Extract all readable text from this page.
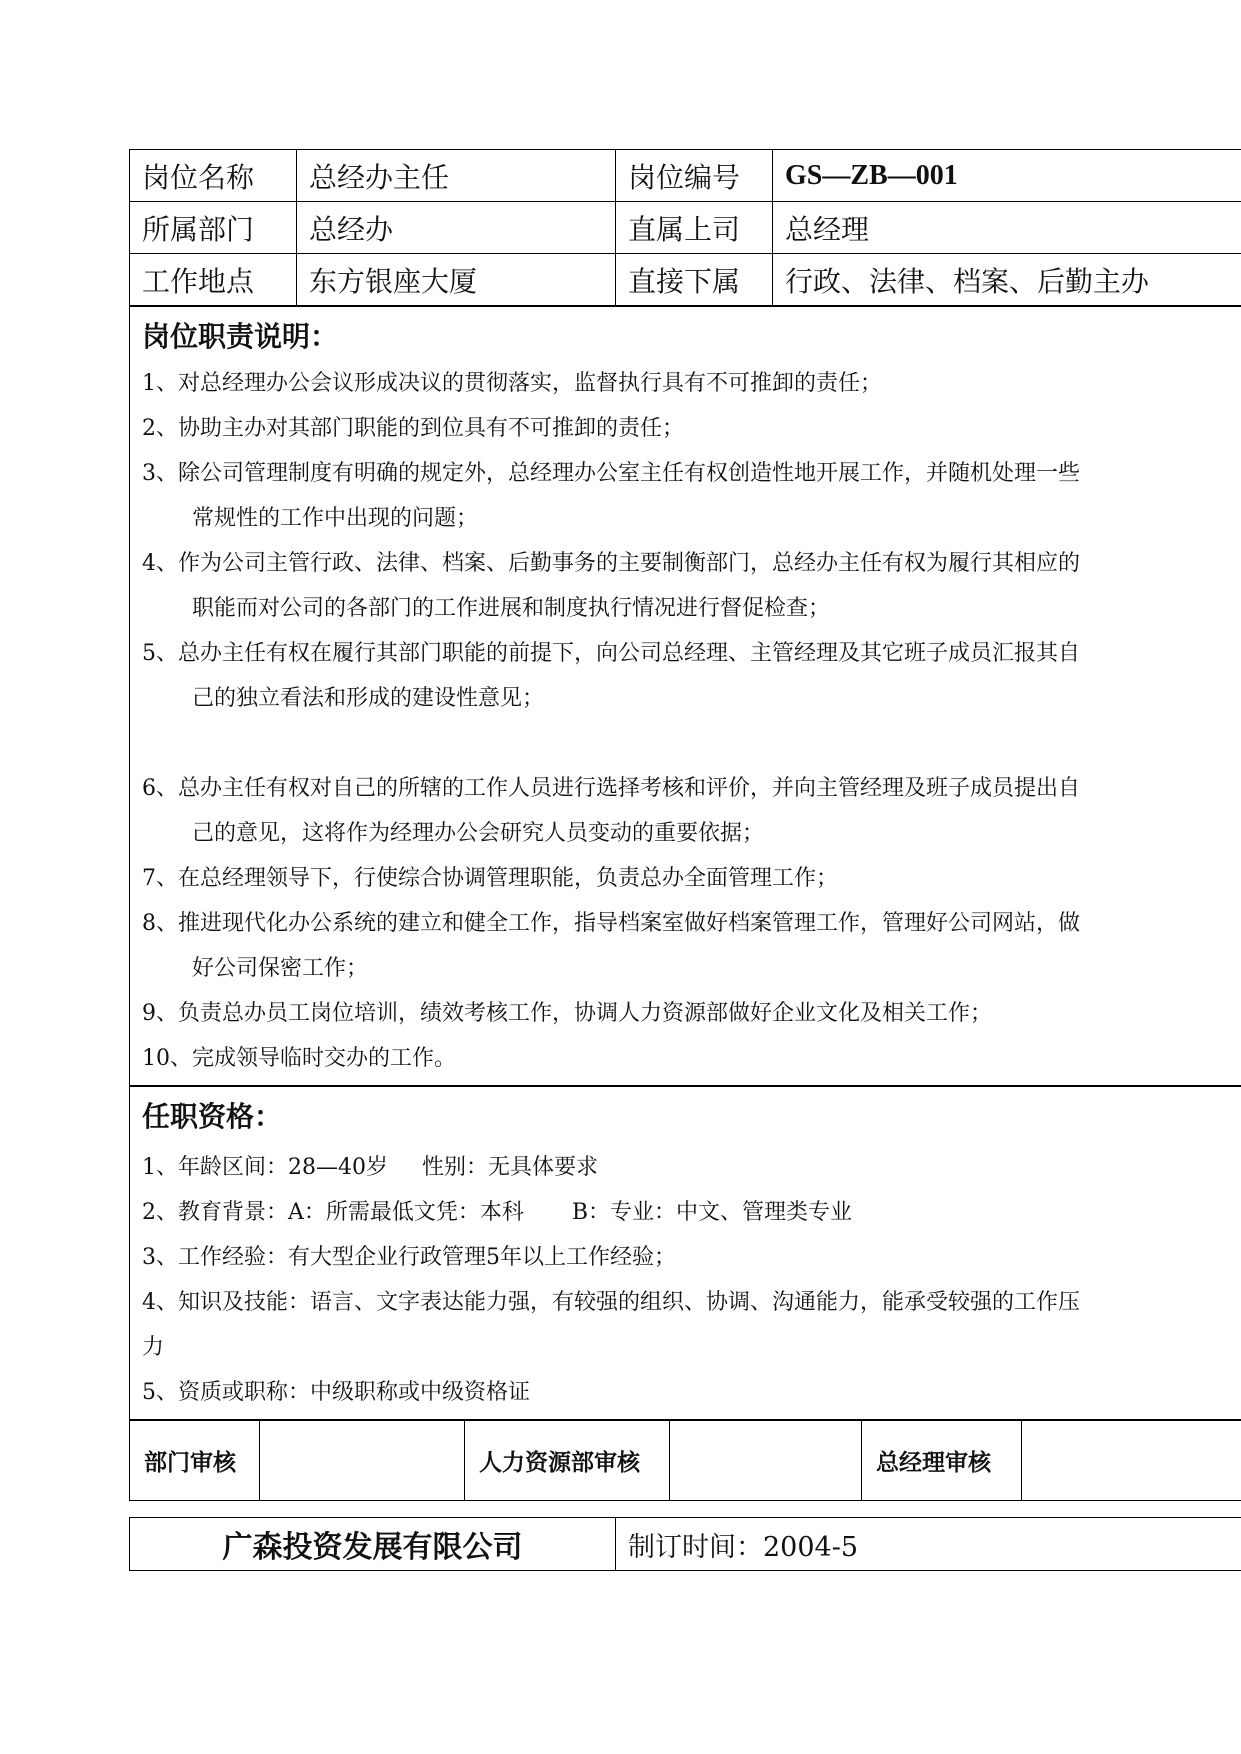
岗位名称	总经办主任	岗位编号	GS—ZB—001
所属部门	总经办	直属上司	总经理
工作地点	东方银座大厦	直接下属	行政、法律、档案、后勤主办

岗位职责说明：

1、对总经理办公会议形成决议的贯彻落实，监督执行具有不可推卸的责任；

2、协助主办对其部门职能的到位具有不可推卸的责任；

3、除公司管理制度有明确的规定外，总经理办公室主任有权创造性地开展工作，并随机处理一些

常规性的工作中出现的问题；

4、作为公司主管行政、法律、档案、后勤事务的主要制衡部门，总经办主任有权为履行其相应的

职能而对公司的各部门的工作进展和制度执行情况进行督促检查；

5、总办主任有权在履行其部门职能的前提下，向公司总经理、主管经理及其它班子成员汇报其自

己的独立看法和形成的建设性意见；

6、总办主任有权对自己的所辖的工作人员进行选择考核和评价，并向主管经理及班子成员提出自

己的意见，这将作为经理办公会研究人员变动的重要依据；

7、在总经理领导下，行使综合协调管理职能，负责总办全面管理工作；

8、推进现代化办公系统的建立和健全工作，指导档案室做好档案管理工作，管理好公司网站，做

好公司保密工作；

9、负责总办员工岗位培训，绩效考核工作，协调人力资源部做好企业文化及相关工作；

10、完成领导临时交办的工作。

任职资格：

1、年龄区间：28—40岁 性别：无具体要求

2、教育背景：A：所需最低文凭：本科 B：专业：中文、管理类专业

3、工作经验：有大型企业行政管理5年以上工作经验；

4、知识及技能：语言、文字表达能力强，有较强的组织、协调、沟通能力，能承受较强的工作压

力

5、资质或职称：中级职称或中级资格证

部门审核		人力资源部审核		总经理审核	
广森投资发展有限公司	制订时间：2004-5
